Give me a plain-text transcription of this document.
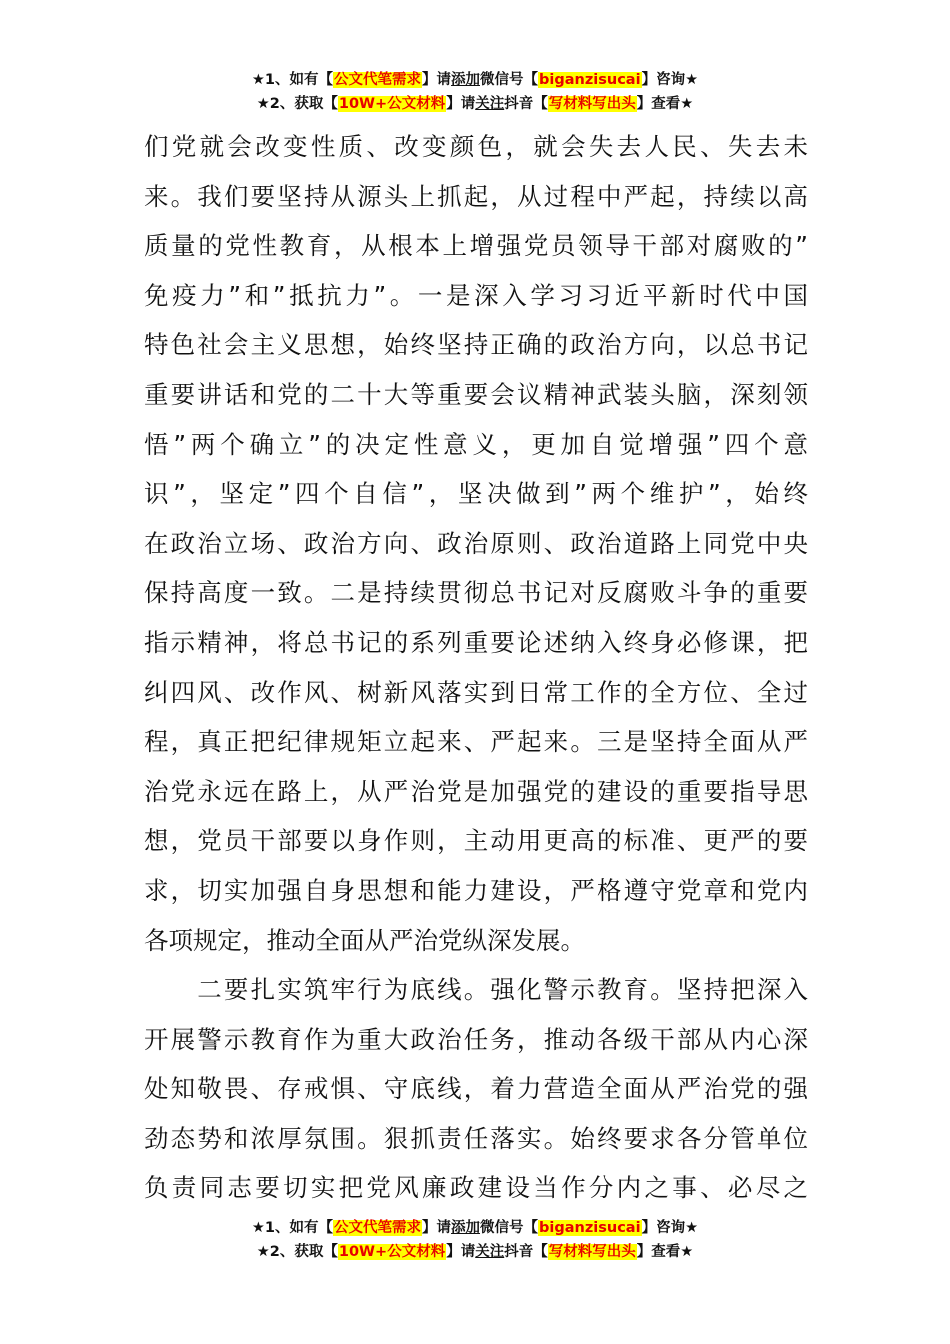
★1、如有【公文代笔需求】请添加微信号【biganzisucai】咨询★
★2、获取【10W+公文材料】请关注抖音【写材料写出头】查看★
们党就会改变性质、改变颜色，就会失去人民、失去未
来。我们要坚持从源头上抓起，从过程中严起，持续以高
质量的党性教育，从根本上增强党员领导干部对腐败的”
免疫力”和”抵抗力”。一是深入学习习近平新时代中国
特色社会主义思想，始终坚持正确的政治方向，以总书记
重要讲话和党的二十大等重要会议精神武装头脑，深刻领
悟”两个确立”的决定性意义，更加自觉增强”四个意
识”，坚定”四个自信”，坚决做到”两个维护”，始终
在政治立场、政治方向、政治原则、政治道路上同党中央
保持高度一致。二是持续贯彻总书记对反腐败斗争的重要
指示精神，将总书记的系列重要论述纳入终身必修课，把
纠四风、改作风、树新风落实到日常工作的全方位、全过
程，真正把纪律规矩立起来、严起来。三是坚持全面从严
治党永远在路上，从严治党是加强党的建设的重要指导思
想，党员干部要以身作则，主动用更高的标准、更严的要
求，切实加强自身思想和能力建设，严格遵守党章和党内
各项规定，推动全面从严治党纵深发展。
　　二要扎实筑牢行为底线。强化警示教育。坚持把深入
开展警示教育作为重大政治任务，推动各级干部从内心深
处知敬畏、存戒惧、守底线，着力营造全面从严治党的强
劲态势和浓厚氛围。狠抓责任落实。始终要求各分管单位
负责同志要切实把党风廉政建设当作分内之事、必尽之
★1、如有【公文代笔需求】请添加微信号【biganzisucai】咨询★
★2、获取【10W+公文材料】请关注抖音【写材料写出头】查看★
